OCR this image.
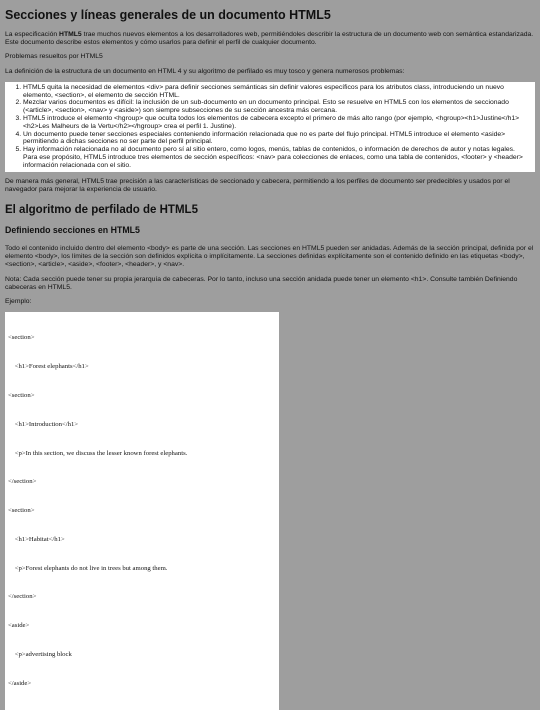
Secciones y líneas generales de un documento HTML5

La especificación HTML5 trae muchos nuevos elementos a los desarrolladores web, permitiéndoles describir la estructura de un documento web con semántica estandarizada. Este documento describe estos elementos y cómo usarlos para definir el perfil de cualquier documento.

Problemas resueltos por HTML5

La definición de la estructura de un documento en HTML 4 y su algoritmo de perfilado es muy tosco y genera numerosos problemas:

1. HTML5 quita la necesidad de elementos <div> para definir secciones semánticas sin definir valores específicos para los atributos class, introduciendo un nuevo elemento, <section>, el elemento de sección HTML.
2. Mezclar varios documentos es difícil: la inclusión de un sub-documento en un documento principal. Esto se resuelve en HTML5 con los elementos de seccionado (<article>, <section>, <nav> y <aside>) son siempre subsecciones de su sección ancestra más cercana.
3. HTML5 introduce el elemento <hgroup> que oculta todos los elementos de cabecera excepto el primero de más alto rango (por ejemplo, <hgroup><h1>Justine</h1><h2>Les Malheurs de la Vertu</h2></hgroup> crea el perfil 1. Justine).
4. Un documento puede tener secciones especiales conteniendo información relacionada que no es parte del flujo principal. HTML5 introduce el elemento <aside> permitiendo a dichas secciones no ser parte del perfil principal.
5. Hay información relacionada no al documento pero sí al sitio entero, como logos, menús, tablas de contenidos, o información de derechos de autor y notas legales. Para ese propósito, HTML5 introduce tres elementos de sección específicos: <nav> para colecciones de enlaces, como una tabla de contenidos, <footer> y <header> información relacionada con el sitio.

De manera más general, HTML5 trae precisión a las características de seccionado y cabecera, permitiendo a los perfiles de documento ser predecibles y usados por el navegador para mejorar la experiencia de usuario.

El algoritmo de perfilado de HTML5
Definiendo secciones en HTML5

Todo el contenido incluido dentro del elemento <body> es parte de una sección. Las secciones en HTML5 pueden ser anidadas. Además de la sección principal, definida por el elemento <body>, los límites de la sección son definidos explícita o implícitamente. La secciones definidas explícitamente son el contenido definido en las etiquetas <body>, <section>, <article>, <aside>, <footer>, <header>, y <nav>.

Nota: Cada sección puede tener su propia jerarquía de cabeceras. Por lo tanto, incluso una sección anidada puede tener un elemento <h1>. Consulte también Definiendo cabeceras en HTML5.

Ejemplo:

<section>

<h1>Forest elephants</h1>

<section>

<h1>Introduction</h1>

<p>In this section, we discuss the lesser known forest elephants.

</section>

<section>

<h1>Habitat</h1>

<p>Forest elephants do not live in trees but among them.

</section>

<aside>

<p>advertising block

</aside>
